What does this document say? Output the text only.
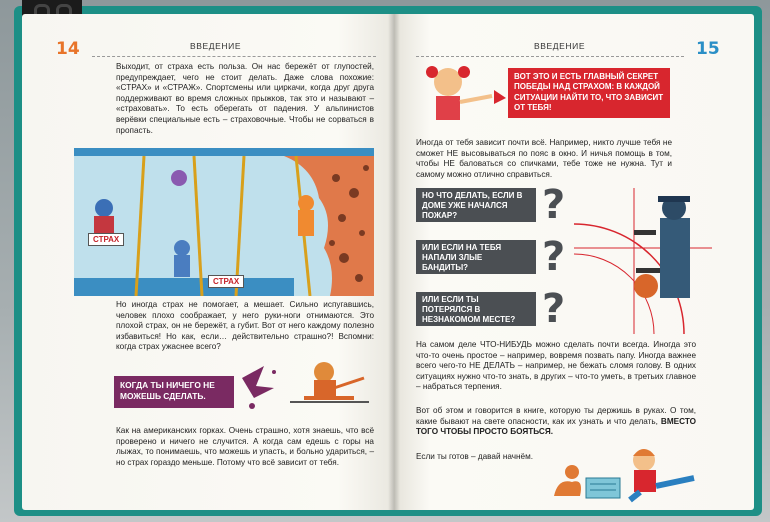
14	ВВЕДЕНИЕ
Выходит, от страха есть польза. Он нас бережёт от глупостей, предупреждает, чего не стоит делать. Даже слова похожие: «СТРАХ» и «СТРАЖ». Спортсмены или циркачи, когда друг друга поддерживают во время сложных прыжков, так это и называют – «страховать». То есть оберегать от падения. У альпинистов верёвки специальные есть – страховочные. Чтобы не сорваться в пропасть.
СТРАХ
СТРАХ
Но иногда страх не помогает, а мешает. Сильно испугавшись, человек плохо соображает, у него руки-ноги отнимаются. Это плохой страх, он не бережёт, а губит. Вот от него каждому полезно избавиться! Но как, если… действительно страшно?! Вспомни: когда страх ужаснее всего?
КОГДА ТЫ НИЧЕГО НЕ МОЖЕШЬ СДЕЛАТЬ.
Как на американских горках. Очень страшно, хотя знаешь, что всё проверено и ничего не случится. А когда сам едешь с горы на лыжах, то понимаешь, что можешь и упасть, и больно удариться, – но страх гораздо меньше. Потому что всё зависит от тебя.
ВВЕДЕНИЕ	15
ВОТ ЭТО И ЕСТЬ ГЛАВНЫЙ СЕКРЕТ ПОБЕДЫ НАД СТРАХОМ: В КАЖДОЙ СИТУАЦИИ НАЙТИ ТО, ЧТО ЗАВИСИТ ОТ ТЕБЯ!
Иногда от тебя зависит почти всё. Например, никто лучше тебя не сможет НЕ высовываться по пояс в окно. И ничья помощь в том, чтобы НЕ баловаться со спичками, тебе тоже не нужна. Тут и самому можно отлично справиться.
НО ЧТО ДЕЛАТЬ, ЕСЛИ В ДОМЕ УЖЕ НАЧАЛСЯ ПОЖАР?	?
ИЛИ ЕСЛИ НА ТЕБЯ НАПАЛИ ЗЛЫЕ БАНДИТЫ?	?
ИЛИ ЕСЛИ ТЫ ПОТЕРЯЛСЯ В НЕЗНАКОМОМ МЕСТЕ? ?
На самом деле ЧТО-НИБУДЬ можно сделать почти всегда. Иногда это что-то очень простое – например, вовремя позвать папу. Иногда важнее всего чего-то НЕ ДЕЛАТЬ – например, не бежать сломя голову. В одних ситуациях нужно что-то знать, в других – что-то уметь, в третьих главное – набраться терпения.
Вот об этом и говорится в книге, которую ты держишь в руках. О том, какие бывают на свете опасности, как их узнать и что делать, ВМЕСТО ТОГО ЧТОБЫ ПРОСТО БОЯТЬСЯ.
Если ты готов – давай начнём.
